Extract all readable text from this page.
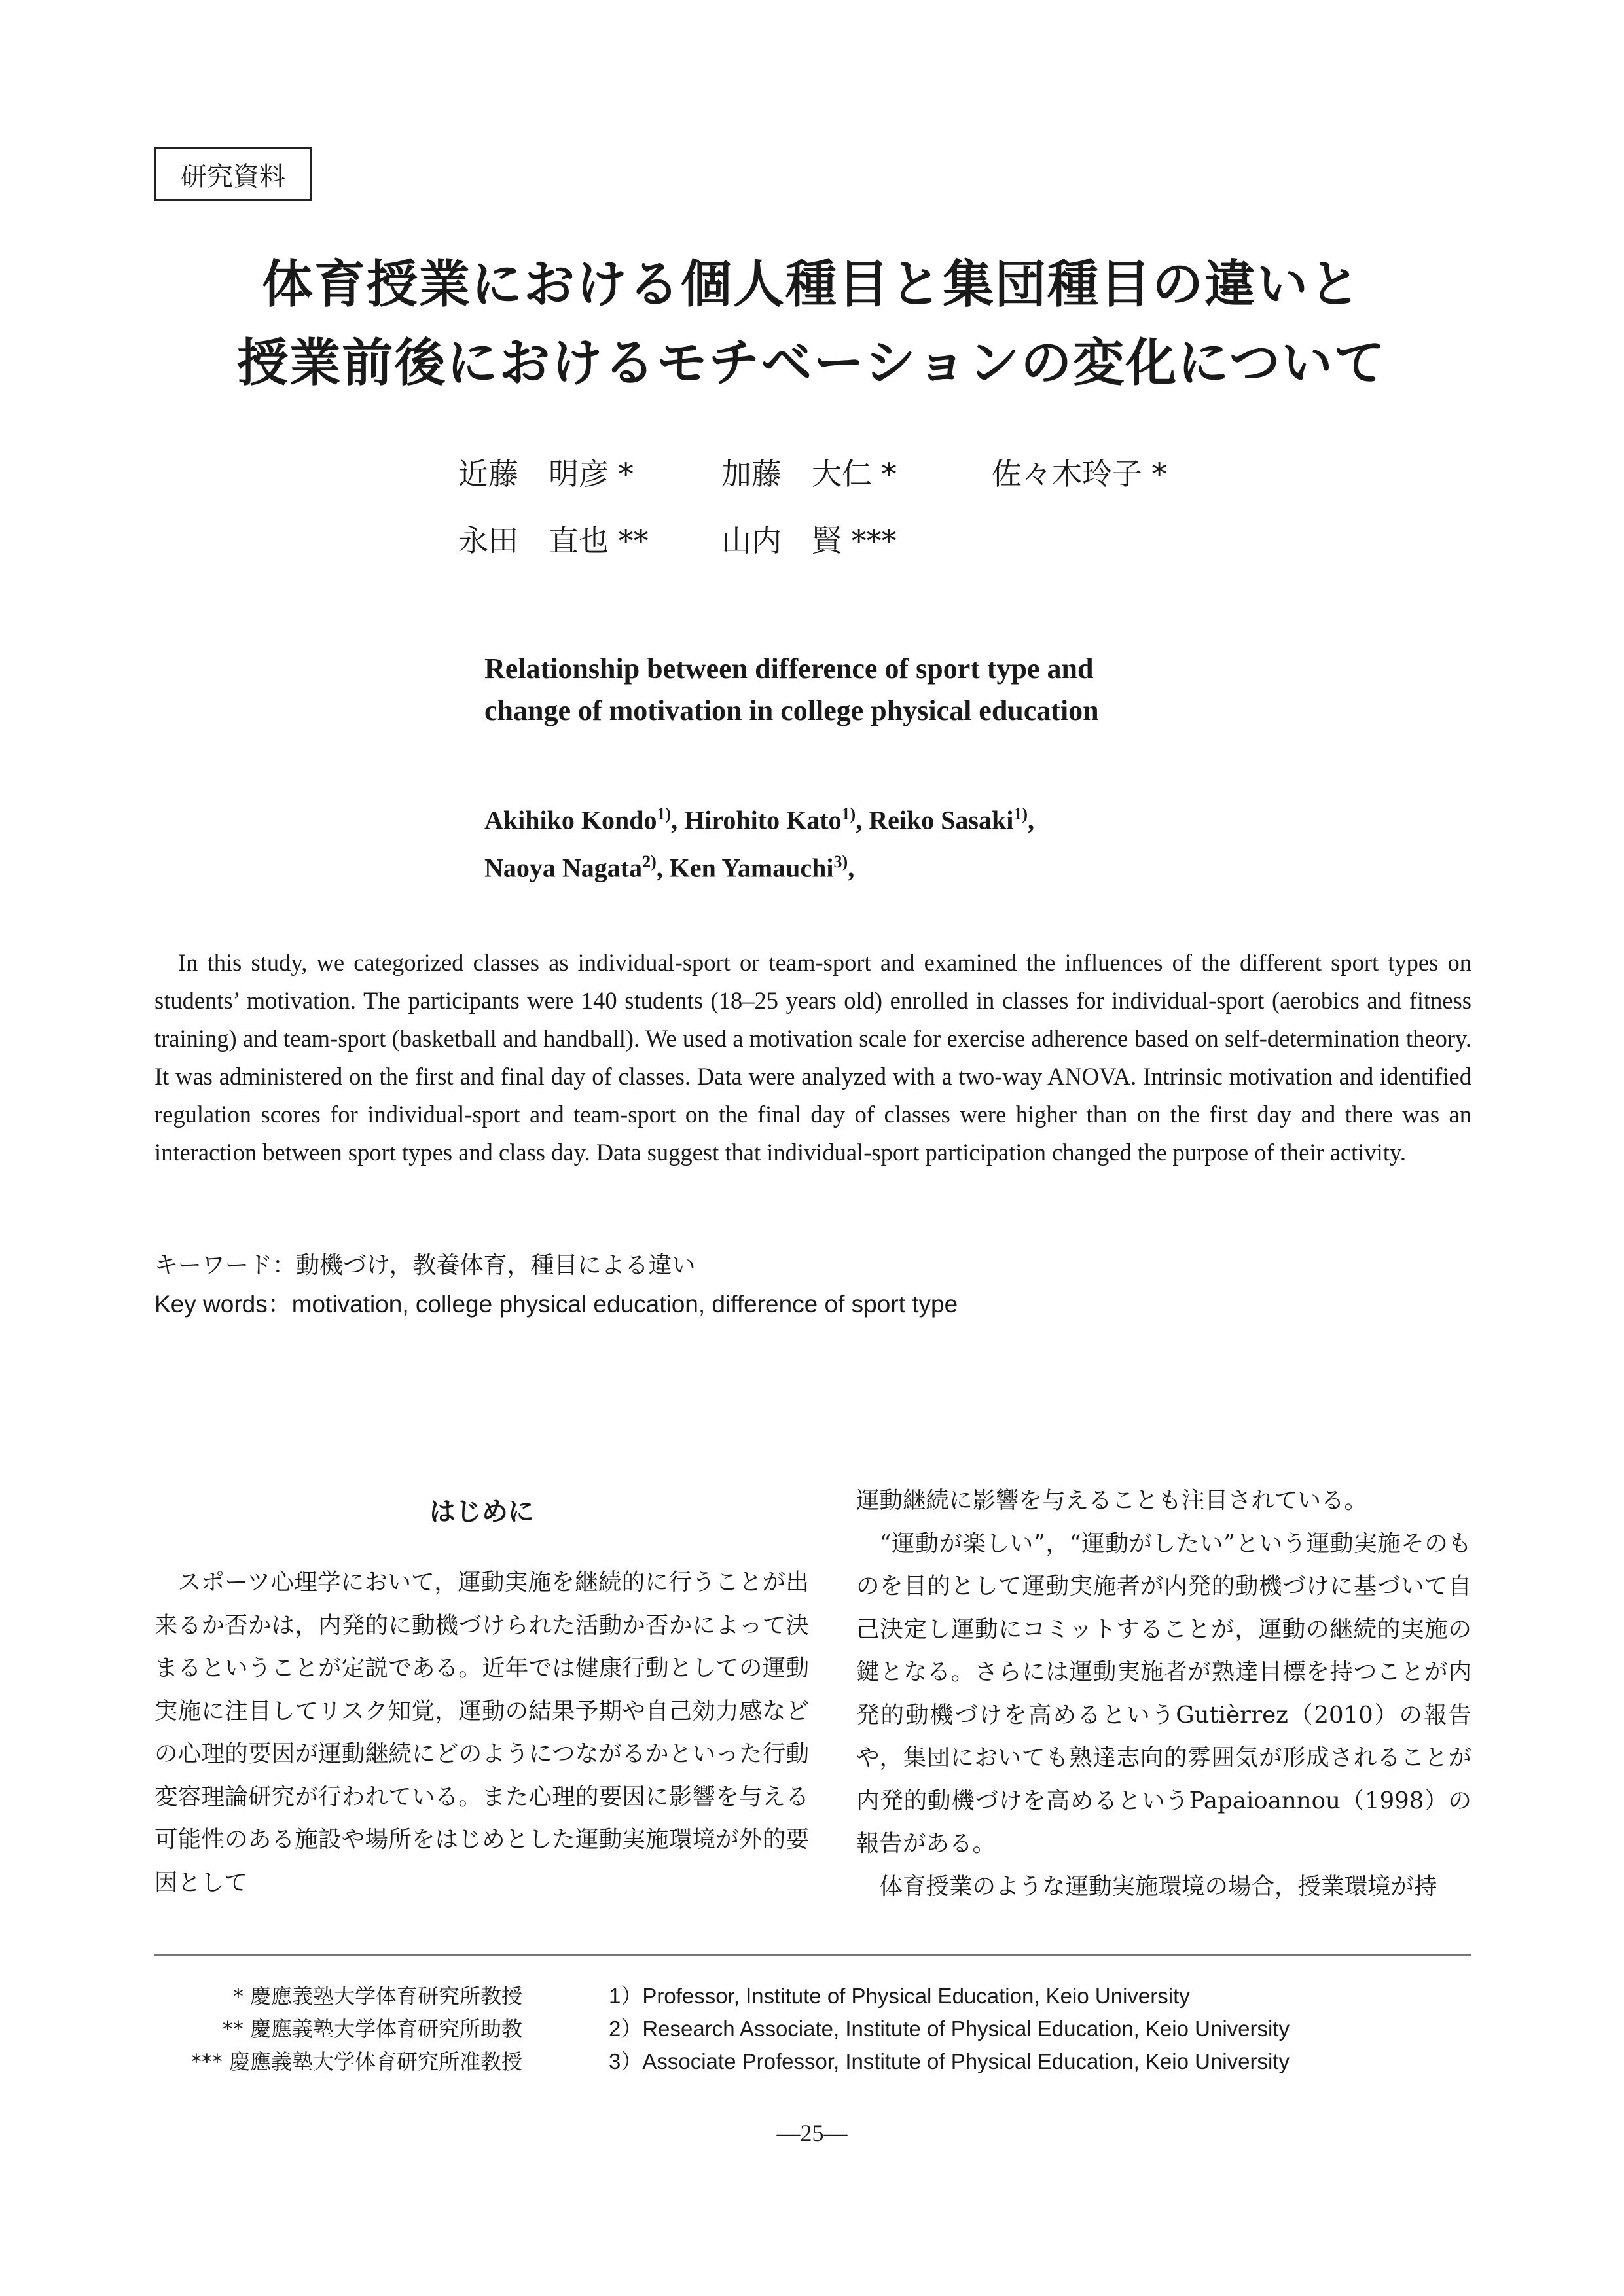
研究資料
体育授業における個人種目と集団種目の違いと
授業前後におけるモチベーションの変化について
近藤　明彦 *	加藤　大仁 *	佐々木玲子 *
永田　直也 ** 山内　賢 ***
Relationship between difference of sport type and
change of motivation in college physical education
Akihiko Kondo$^{1)}$, Hirohito Kato$^{1)}$, Reiko Sasaki$^{1)}$,
Naoya Nagata$^{2)}$, Ken Yamauchi$^{3)}$,
In this study, we categorized classes as individual-sport or team-sport and examined the influences of the different sport types on students’ motivation. The participants were 140 students (18–25 years old) enrolled in classes for individual-sport (aerobics and fitness training) and team-sport (basketball and handball). We used a motivation scale for exercise adherence based on self-determination theory. It was administered on the first and final day of classes. Data were analyzed with a two-way ANOVA. Intrinsic motivation and identified regulation scores for individual-sport and team-sport on the final day of classes were higher than on the first day and there was an interaction between sport types and class day. Data suggest that individual-sport participation changed the purpose of their activity.
キーワード：動機づけ，教養体育，種目による違い
Key words：motivation, college physical education, difference of sport type
はじめに

スポーツ心理学において，運動実施を継続的に行うことが出来るか否かは，内発的に動機づけられた活動か否かによって決まるということが定説である。近年では健康行動としての運動実施に注目してリスク知覚，運動の結果予期や自己効力感などの心理的要因が運動継続にどのようにつながるかといった行動変容理論研究が行われている。また心理的要因に影響を与える可能性のある施設や場所をはじめとした運動実施環境が外的要因として

運動継続に影響を与えることも注目されている。

“運動が楽しい”，“運動がしたい”という運動実施そのものを目的として運動実施者が内発的動機づけに基づいて自己決定し運動にコミットすることが，運動の継続的実施の鍵となる。さらには運動実施者が熟達目標を持つことが内発的動機づけを高めるというGutièrrez（2010）の報告や，集団においても熟達志向的雰囲気が形成されることが内発的動機づけを高めるというPapaioannou（1998）の報告がある。

体育授業のような運動実施環境の場合，授業環境が持

* 慶應義塾大学体育研究所教授
** 慶應義塾大学体育研究所助教
*** 慶應義塾大学体育研究所准教授
1）Professor, Institute of Physical Education, Keio University
2）Research Associate, Institute of Physical Education, Keio University
3）Associate Professor, Institute of Physical Education, Keio University
―25―
